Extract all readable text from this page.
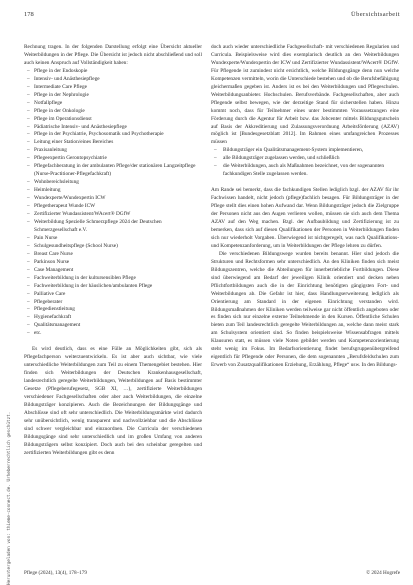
Heruntergeladen von: thieme-connect.de. Urheberrechtlich geschützt.
178	Übersichtsarbeit

Rechnung tragen. In der folgenden Darstellung erfolgt eine Übersicht aktueller Weiterbildungen in der Pflege. Die Übersicht ist jedoch nicht abschließend und soll auch keinen Anspruch auf Vollständigkeit haben:

– Pflege in der Endoskopie
– Intensiv- und Anästhesiepflege
– Intermediate Care Pflege
– Pflege in der Nephrologie
– Notfallpflege
– Pflege in der Onkologie
– Pflege im Operationsdienst
– Pädiatrische Intensiv- und Anästhesiepflege
– Pflege in der Psychiatrie, Psychosomatik und Psychotherapie
– Leitung einer Station/eines Bereiches
– Praxisanleitung
– Pflegeexpertin Gerontopsychiatrie
– Pflegefachberatung in der ambulanten Pflege/der stationären Langzeitpflege (Nurse-Practitioner-Pflegefachkraft)
– Wohnbereichsleitung
– Heimleitung
– Wundexperte/Wundexpertin ICW
– Pflegetherapeut Wunde ICW
– Zertifizierter Wundassistent/WAcert® DGfW
– Weiterbildung Spezielle Schmerzpflege 2024 der Deutschen Schmerzgesellschaft e.V.
– Pain Nurse
– Schulgesundheitspflege (School Nurse)
– Breast Care Nurse
– Parkinson Nurse
– Case Management
– Fachweiterbildung in der kultursensiblen Pflege
– Fachweiterbildung in der häuslichen/ambulanten Pflege
– Palliative Care
– Pflegeberater
– Pflegedienstleitung
– Hygienefachkraft
– Qualitätsmanagement
– etc.

Es wird deutlich, dass es eine Fülle an Möglichkeiten gibt, sich als Pflegefachperson weiterzuentwickeln. Es ist aber auch sichtbar, wie viele unterschiedliche Weiterbildungen zum Teil zu einem Themengebiet bestehen. Hier finden sich Weiterbildungen der Deutschen Krankenhausgesellschaft, landesrechtlich geregelte Weiterbildungen, Weiterbildungen auf Basis bestimmter Gesetze (Pflegeberufegesetz, SGB XI, …), zertifizierte Weiterbildungen verschiedener Fachgesellschaften oder aber auch Weiterbildungen, die einzelne Bildungsträger konzipieren. Auch die Bezeichnungen der Bildungsgänge und Abschlüsse sind oft sehr unterschiedlich. Die Weiterbildungsmärkte wird dadurch sehr unübersichtlich, wenig transparent und nachvollziehbar und die Abschlüsse sind schwer vergleichbar und einzuordnen. Die Curricula der verschiedenen Bildungsgänge sind sehr unterschiedlich und im großen Umfang von anderen Bildungsträgern selbst konzipiert. Doch auch bei den scheinbar geregelten und zertifizierten Weiterbildungen gibt es denn

doch auch wieder unterschiedliche Fachgesellschaft- mit verschiedenen Regularien und Curricula. Beispielsweise wird dies exemplarisch deutlich an den Weiterbildungen Wundexperte/Wundexpertin der ICW und Zertifizierter Wundassistent/WAcert® DGfW. Für Pflegende ist zumindest nicht ersichtlich, welche Bildungsgänge denn nun welche Kompetenzen vermitteln, worin die Unterschiede bestehen und ob die Berufsbefähigung gleichermaßen gegeben ist. Anders ist es bei den Weiterbildungen und Pflegeschulen. Weiterbildungsanbieter. Hochschulen. Berufsverbände. Fachgesellschaften, aber auch Pflegende selbst bewegen, wie der derzeitige Stand für sicherstellen haben. Hinzu kommt noch, dass für Teilnehmer eines unter bestimmten Voraussetzungen eine Förderung durch die Agentur für Arbeit bzw. das Jobcenter mittels Bildungsgutschein auf Basis der Akkreditierung und Zulassungsverordnung Arbeitsförderung (AZAV) möglich ist [Bundesgesetzblatt 2012]. Im Rahmen eines umfangreichen Prozesses müssen

– Bildungsträger ein Qualitätsmanagement-System implementieren,
– alle Bildungsträger zugelassen werden, und schließlich
– die Weiterbildungen, auch als Maßnahmen bezeichnet, von der sogenannten fachkundigen Stelle zugelassen werden.

Am Rande sei bemerkt, dass die fachkundigen Stellen lediglich bzgl. der AZAV für ihr Fachwissen handelt, nicht jedoch (pflege)fachlich besagen. Für Bildungsträger in der Pflege stellt dies einen hohen Aufwand dar. Wenn Bildungsträger jedoch die Zielgruppe der Personen nicht aus den Augen verlieren wollen, müssen sie sich auch dem Thema AZAV auf den Weg machen. Bzgl. der Aufbaubildung und Zertifizierung ist zu bemerken, dass sich auf diesen Qualifikationen der Personen in Weiterbildungen finden sich nur wiederholt Vorgaben. Überwiegend ist nichtgeregelt, was nach Qualifikations- und Kompetenzanforderung, um in Weiterbildungen der Pflege lehren zu dürfen.

Die verschiedenen Bildungswege wurden bereits benannt. Hier sind jedoch die Strukturen und Rechtsformen sehr unterschiedlich. An den Kliniken finden sich meist Bildungszentren, welche die Abteilungen für innerbetriebliche Fortbildungen. Diese sind überwiegend am Bedarf der jeweiligen Klinik orientiert und decken neben Pflichtfortbildungen auch die in der Einrichtung benötigten gängigsten Fort- und Weiterbildungen ab. Die Gefahr ist hier, dass Handlungserweiterung lediglich als Orientierung am Standard in der eigenen Einrichtung verstanden wird. Bildungsmaßnahmen der Kliniken werden teilweise gar nicht öffentlich angeboten oder es finden sich nur einzelne externe Teilnehmende in den Kursen. Öffentliche Schulen bieten zum Teil landesrechtlich geregelte Weiterbildungen an, welche dann meist stark am Schulsystem orientiert sind. So finden beispielsweise Wissensabfragen mittels Klausuren statt, es müssen viele Noten gebildet werden und Kompetenzorientierung steht wenig im Fokus. Im Bedarfsorientierung findet berufsgruppenübergreifend eigentlich für Pflegende oder Personen, die dem sogenannten „Berufsfeldschulen zum Erwerb von Zusatzqualifikationen Erziehung, Erzählung, Pflege“ usw. In den Bildungs-

Pflege (2024), 13(4), 178–179	© 2024 Hogrefe
